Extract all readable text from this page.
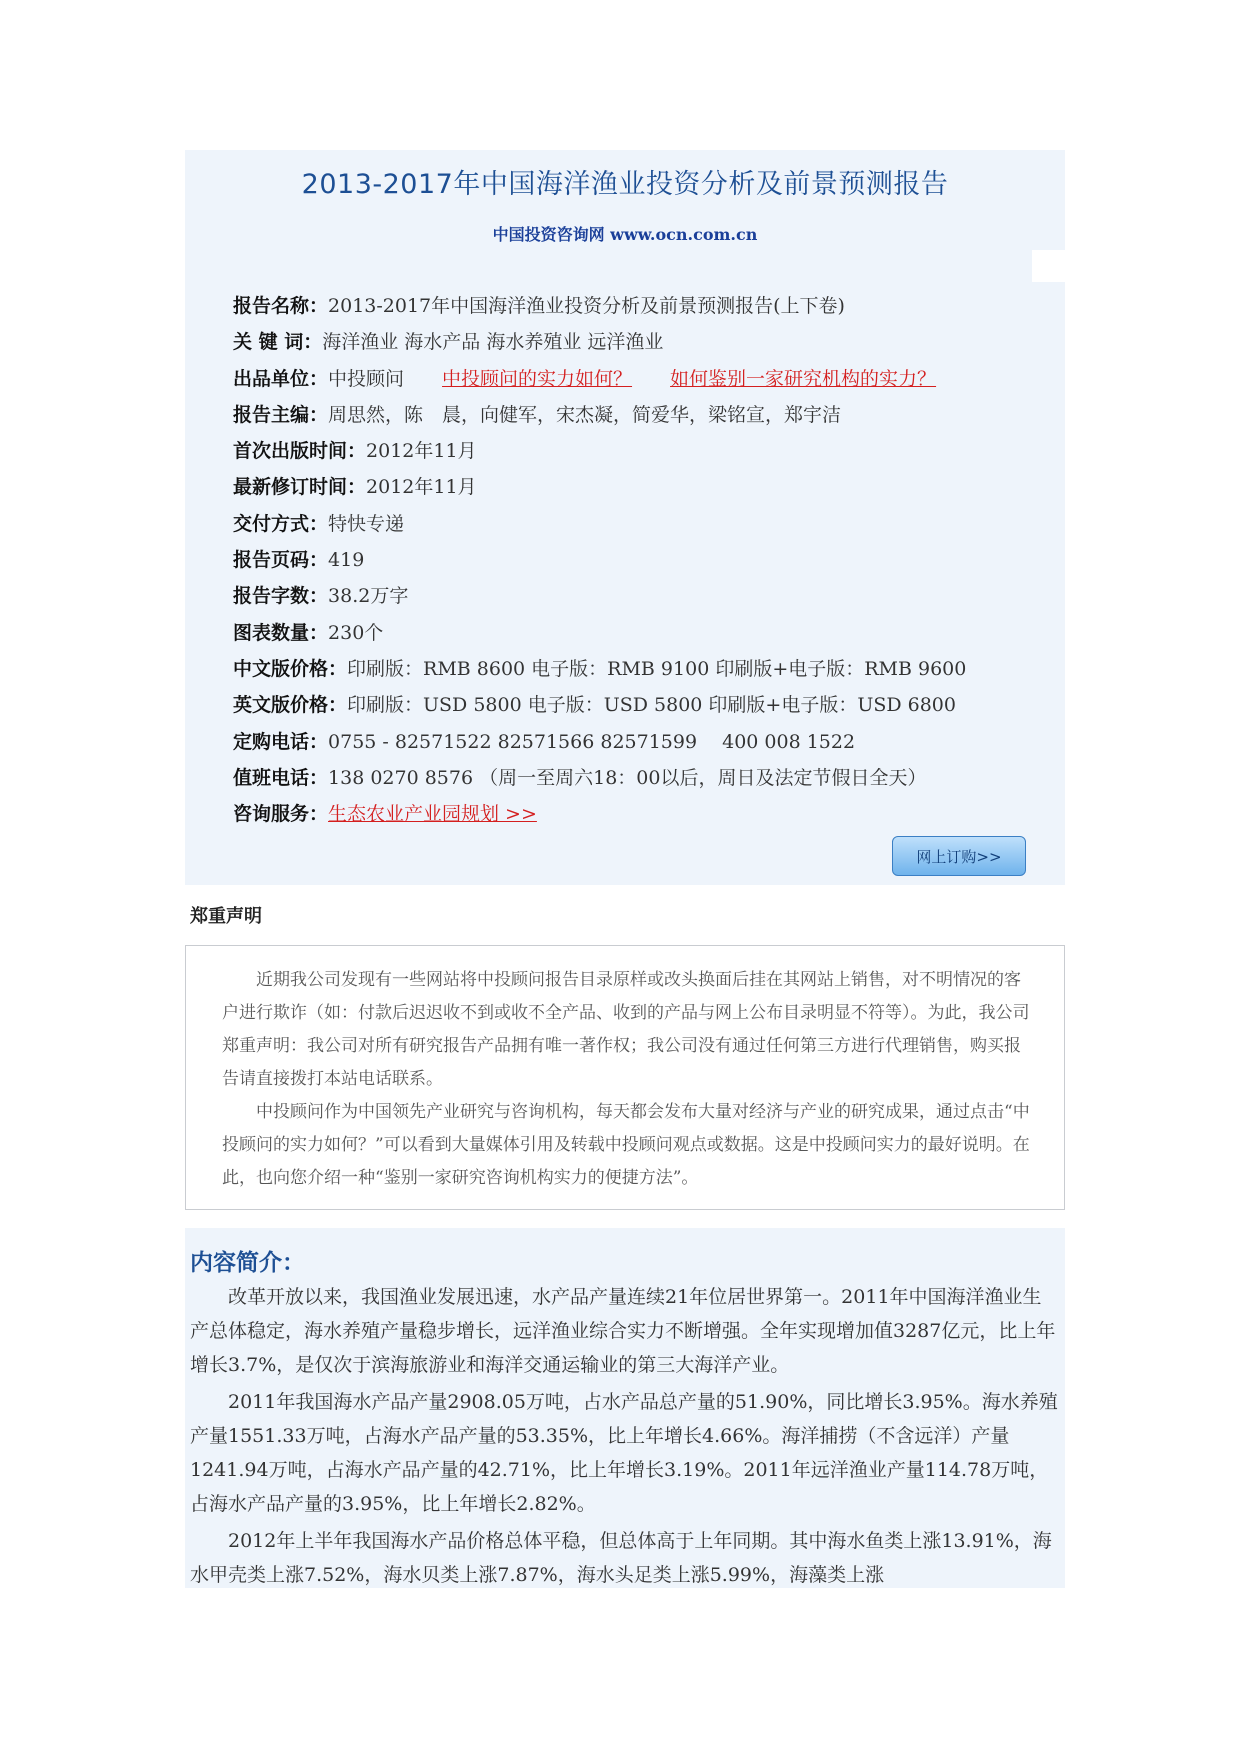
2013-2017年中国海洋渔业投资分析及前景预测报告
中国投资咨询网 www.ocn.com.cn
报告名称：2013-2017年中国海洋渔业投资分析及前景预测报告(上下卷)
关 键 词：海洋渔业 海水产品 海水养殖业 远洋渔业
出品单位：中投顾问 中投顾问的实力如何？ 如何鉴别一家研究机构的实力？
报告主编：周思然，陈　晨，向健军，宋杰凝，简爱华，梁铭宣，郑宇洁
首次出版时间：2012年11月
最新修订时间：2012年11月
交付方式：特快专递
报告页码：419
报告字数：38.2万字
图表数量：230个
中文版价格：印刷版：RMB 8600 电子版：RMB 9100 印刷版+电子版：RMB 9600
英文版价格：印刷版：USD 5800 电子版：USD 5800 印刷版+电子版：USD 6800
定购电话：0755 - 82571522 82571566 82571599　 400 008 1522
值班电话：138 0270 8576 （周一至周六18：00以后，周日及法定节假日全天）
咨询服务：生态农业产业园规划 >>
网上订购>>
郑重声明

近期我公司发现有一些网站将中投顾问报告目录原样或改头换面后挂在其网站上销售，对不明情况的客户进行欺诈（如：付款后迟迟收不到或收不全产品、收到的产品与网上公布目录明显不符等）。为此，我公司郑重声明：我公司对所有研究报告产品拥有唯一著作权；我公司没有通过任何第三方进行代理销售，购买报告请直接拨打本站电话联系。

中投顾问作为中国领先产业研究与咨询机构，每天都会发布大量对经济与产业的研究成果，通过点击“中投顾问的实力如何？”可以看到大量媒体引用及转载中投顾问观点或数据。这是中投顾问实力的最好说明。在此，也向您介绍一种“鉴别一家研究咨询机构实力的便捷方法”。

内容简介：

改革开放以来，我国渔业发展迅速，水产品产量连续21年位居世界第一。2011年中国海洋渔业生产总体稳定，海水养殖产量稳步增长，远洋渔业综合实力不断增强。全年实现增加值3287亿元，比上年增长3.7%，是仅次于滨海旅游业和海洋交通运输业的第三大海洋产业。

2011年我国海水产品产量2908.05万吨，占水产品总产量的51.90%，同比增长3.95%。海水养殖产量1551.33万吨，占海水产品产量的53.35%，比上年增长4.66%。海洋捕捞（不含远洋）产量1241.94万吨，占海水产品产量的42.71%，比上年增长3.19%。2011年远洋渔业产量114.78万吨，占海水产品产量的3.95%，比上年增长2.82%。

2012年上半年我国海水产品价格总体平稳，但总体高于上年同期。其中海水鱼类上涨13.91%，海水甲壳类上涨7.52%，海水贝类上涨7.87%，海水头足类上涨5.99%，海藻类上涨
